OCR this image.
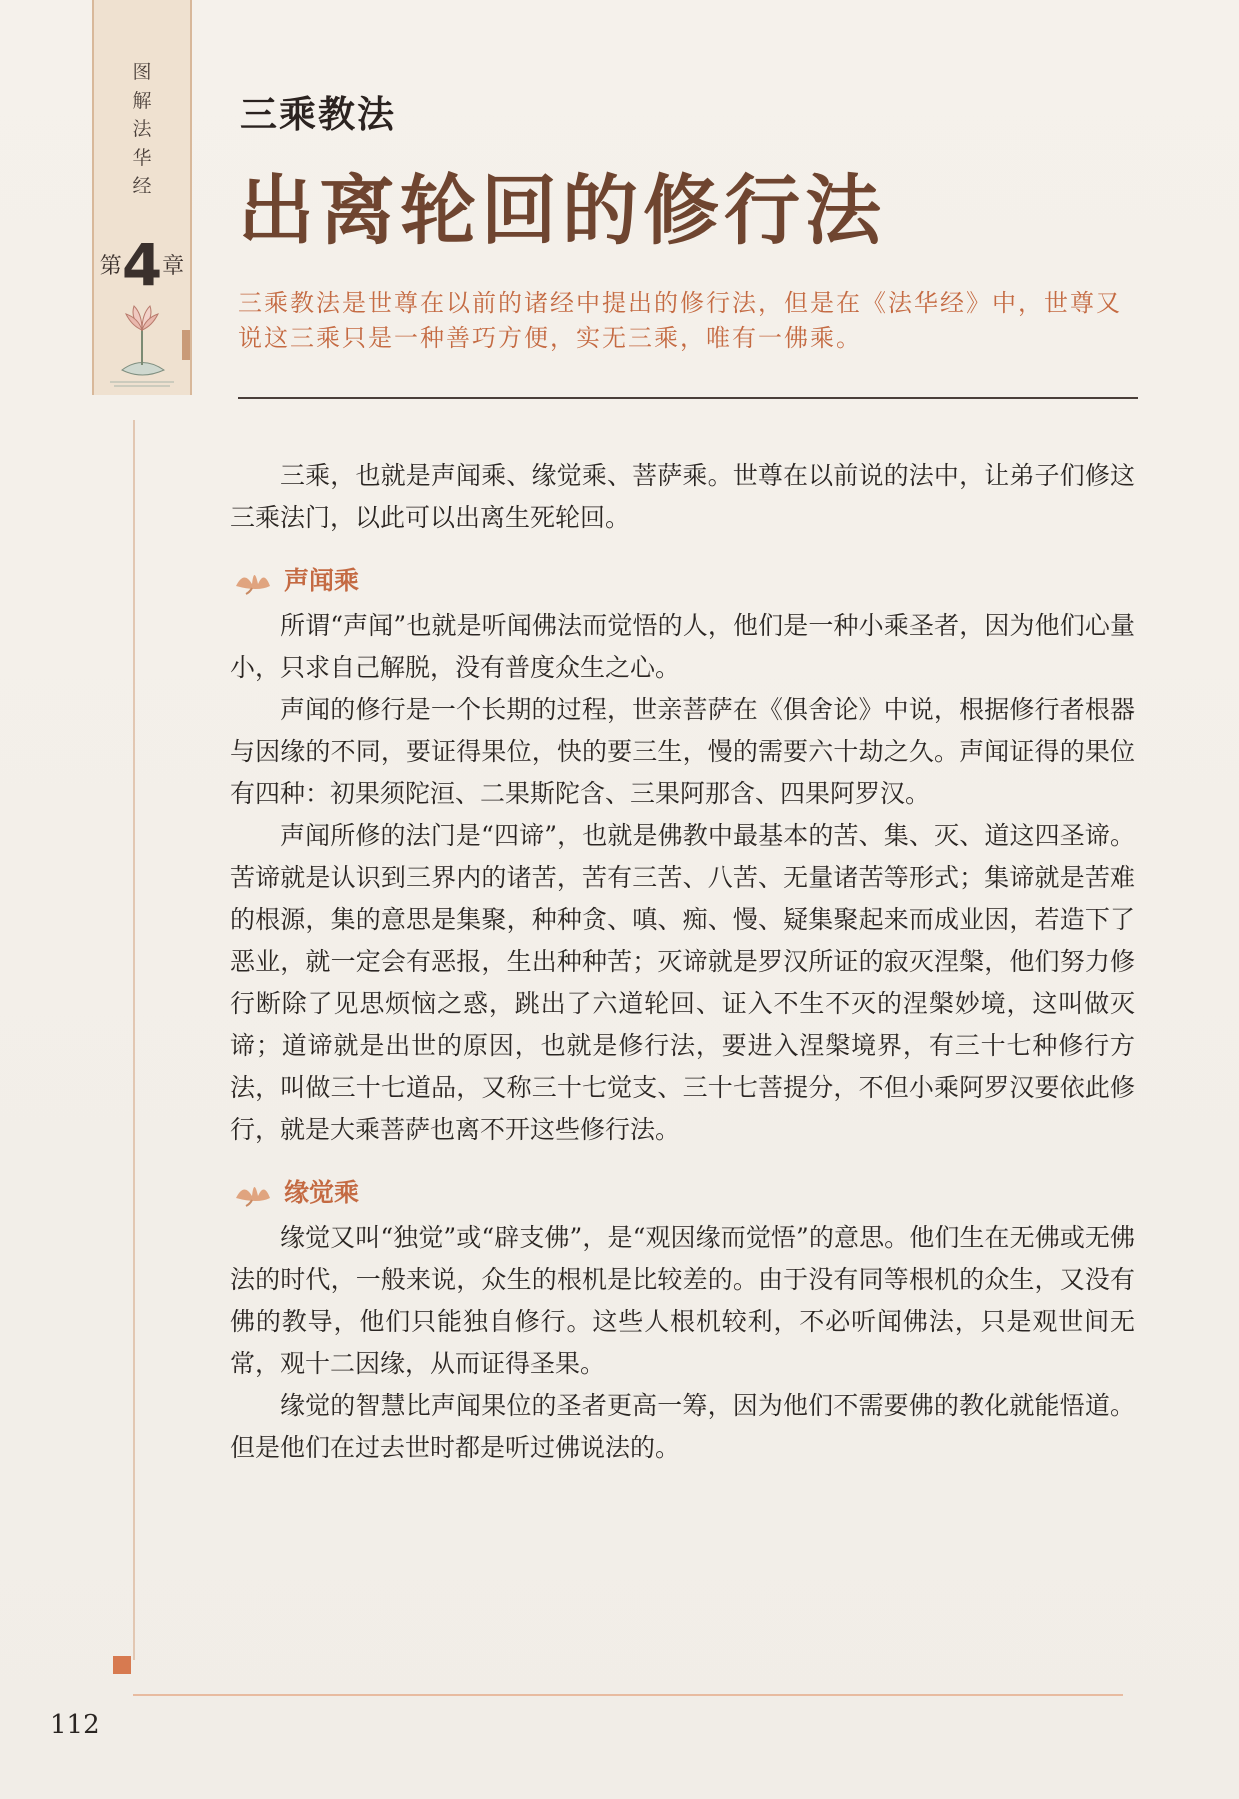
图
解
法
华
经
第4章
三乘教法
出离轮回的修行法
三乘教法是世尊在以前的诸经中提出的修行法，但是在《法华经》中，世尊又说这三乘只是一种善巧方便，实无三乘，唯有一佛乘。

三乘，也就是声闻乘、缘觉乘、菩萨乘。世尊在以前说的法中，让弟子们修这三乘法门，以此可以出离生死轮回。

声闻乘

所谓“声闻”也就是听闻佛法而觉悟的人，他们是一种小乘圣者，因为他们心量小，只求自己解脱，没有普度众生之心。

声闻的修行是一个长期的过程，世亲菩萨在《俱舍论》中说，根据修行者根器与因缘的不同，要证得果位，快的要三生，慢的需要六十劫之久。声闻证得的果位有四种：初果须陀洹、二果斯陀含、三果阿那含、四果阿罗汉。

声闻所修的法门是“四谛”，也就是佛教中最基本的苦、集、灭、道这四圣谛。苦谛就是认识到三界内的诸苦，苦有三苦、八苦、无量诸苦等形式；集谛就是苦难的根源，集的意思是集聚，种种贪、嗔、痴、慢、疑集聚起来而成业因，若造下了恶业，就一定会有恶报，生出种种苦；灭谛就是罗汉所证的寂灭涅槃，他们努力修行断除了见思烦恼之惑，跳出了六道轮回、证入不生不灭的涅槃妙境，这叫做灭谛；道谛就是出世的原因，也就是修行法，要进入涅槃境界，有三十七种修行方法，叫做三十七道品，又称三十七觉支、三十七菩提分，不但小乘阿罗汉要依此修行，就是大乘菩萨也离不开这些修行法。

缘觉乘

缘觉又叫“独觉”或“辟支佛”，是“观因缘而觉悟”的意思。他们生在无佛或无佛法的时代，一般来说，众生的根机是比较差的。由于没有同等根机的众生，又没有佛的教导，他们只能独自修行。这些人根机较利，不必听闻佛法，只是观世间无常，观十二因缘，从而证得圣果。

缘觉的智慧比声闻果位的圣者更高一筹，因为他们不需要佛的教化就能悟道。但是他们在过去世时都是听过佛说法的。

112
